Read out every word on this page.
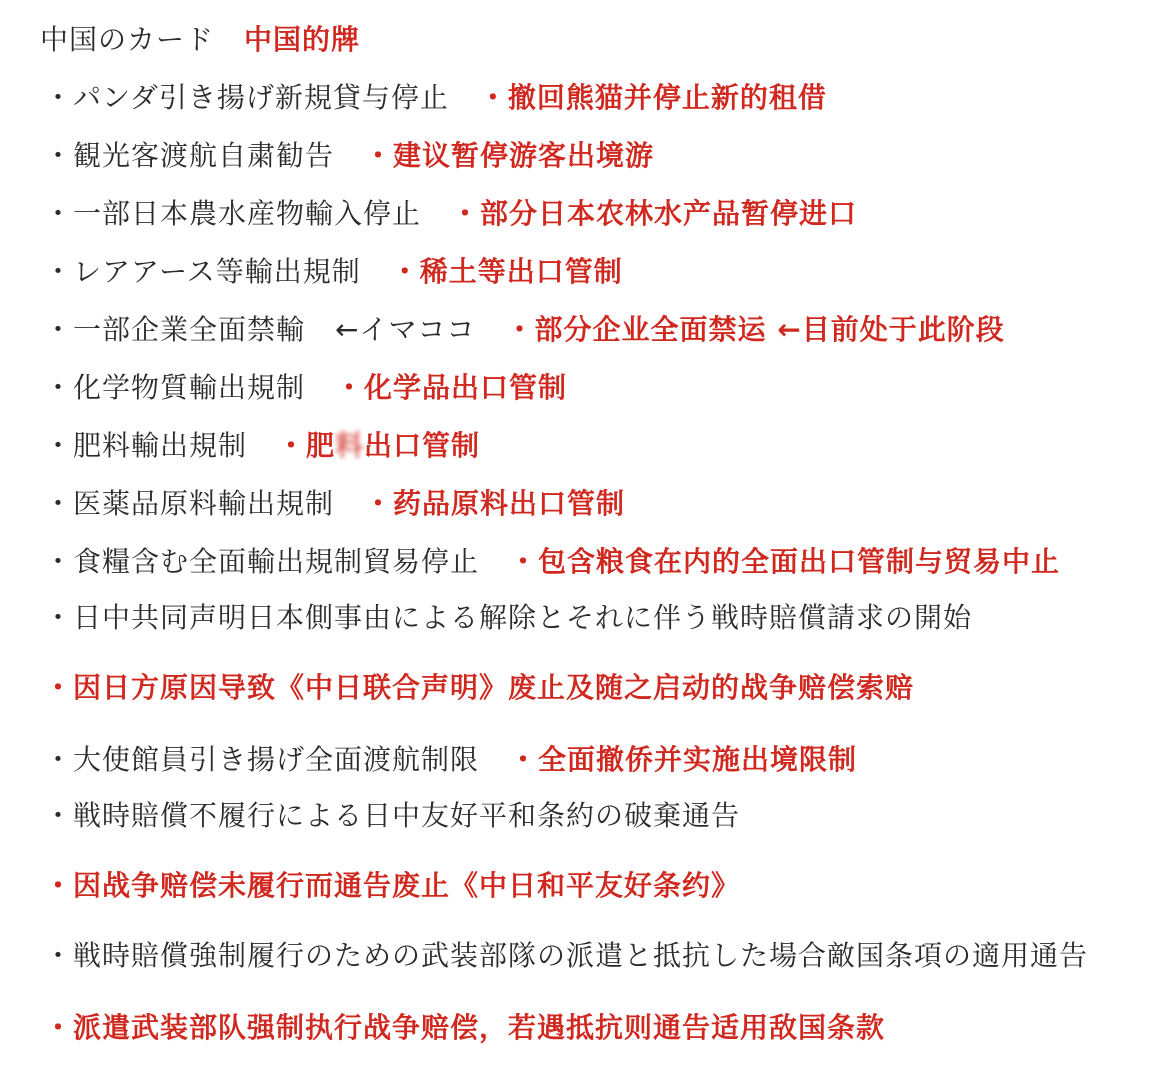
中国のカード 中国的牌
・パンダ引き揚げ新規貸与停止 ・撤回熊猫并停止新的租借
・観光客渡航自粛勧告 ・建议暂停游客出境游
・一部日本農水産物輸入停止 ・部分日本农林水产品暂停进口
・レアアース等輸出規制 ・稀土等出口管制
・一部企業全面禁輸 ←イマココ ・部分企业全面禁运 ←目前处于此阶段
・化学物質輸出規制 ・化学品出口管制
・肥料輸出規制 ・肥料出口管制
・医薬品原料輸出規制 ・药品原料出口管制
・食糧含む全面輸出規制貿易停止 ・包含粮食在内的全面出口管制与贸易中止
・日中共同声明日本側事由による解除とそれに伴う戦時賠償請求の開始
・因日方原因导致《中日联合声明》废止及随之启动的战争赔偿索赔
・大使館員引き揚げ全面渡航制限 ・全面撤侨并实施出境限制
・戦時賠償不履行による日中友好平和条約の破棄通告
・因战争赔偿未履行而通告废止《中日和平友好条约》
・戦時賠償強制履行のための武装部隊の派遣と抵抗した場合敵国条項の適用通告
・派遣武装部队强制执行战争赔偿，若遇抵抗则通告适用敌国条款
